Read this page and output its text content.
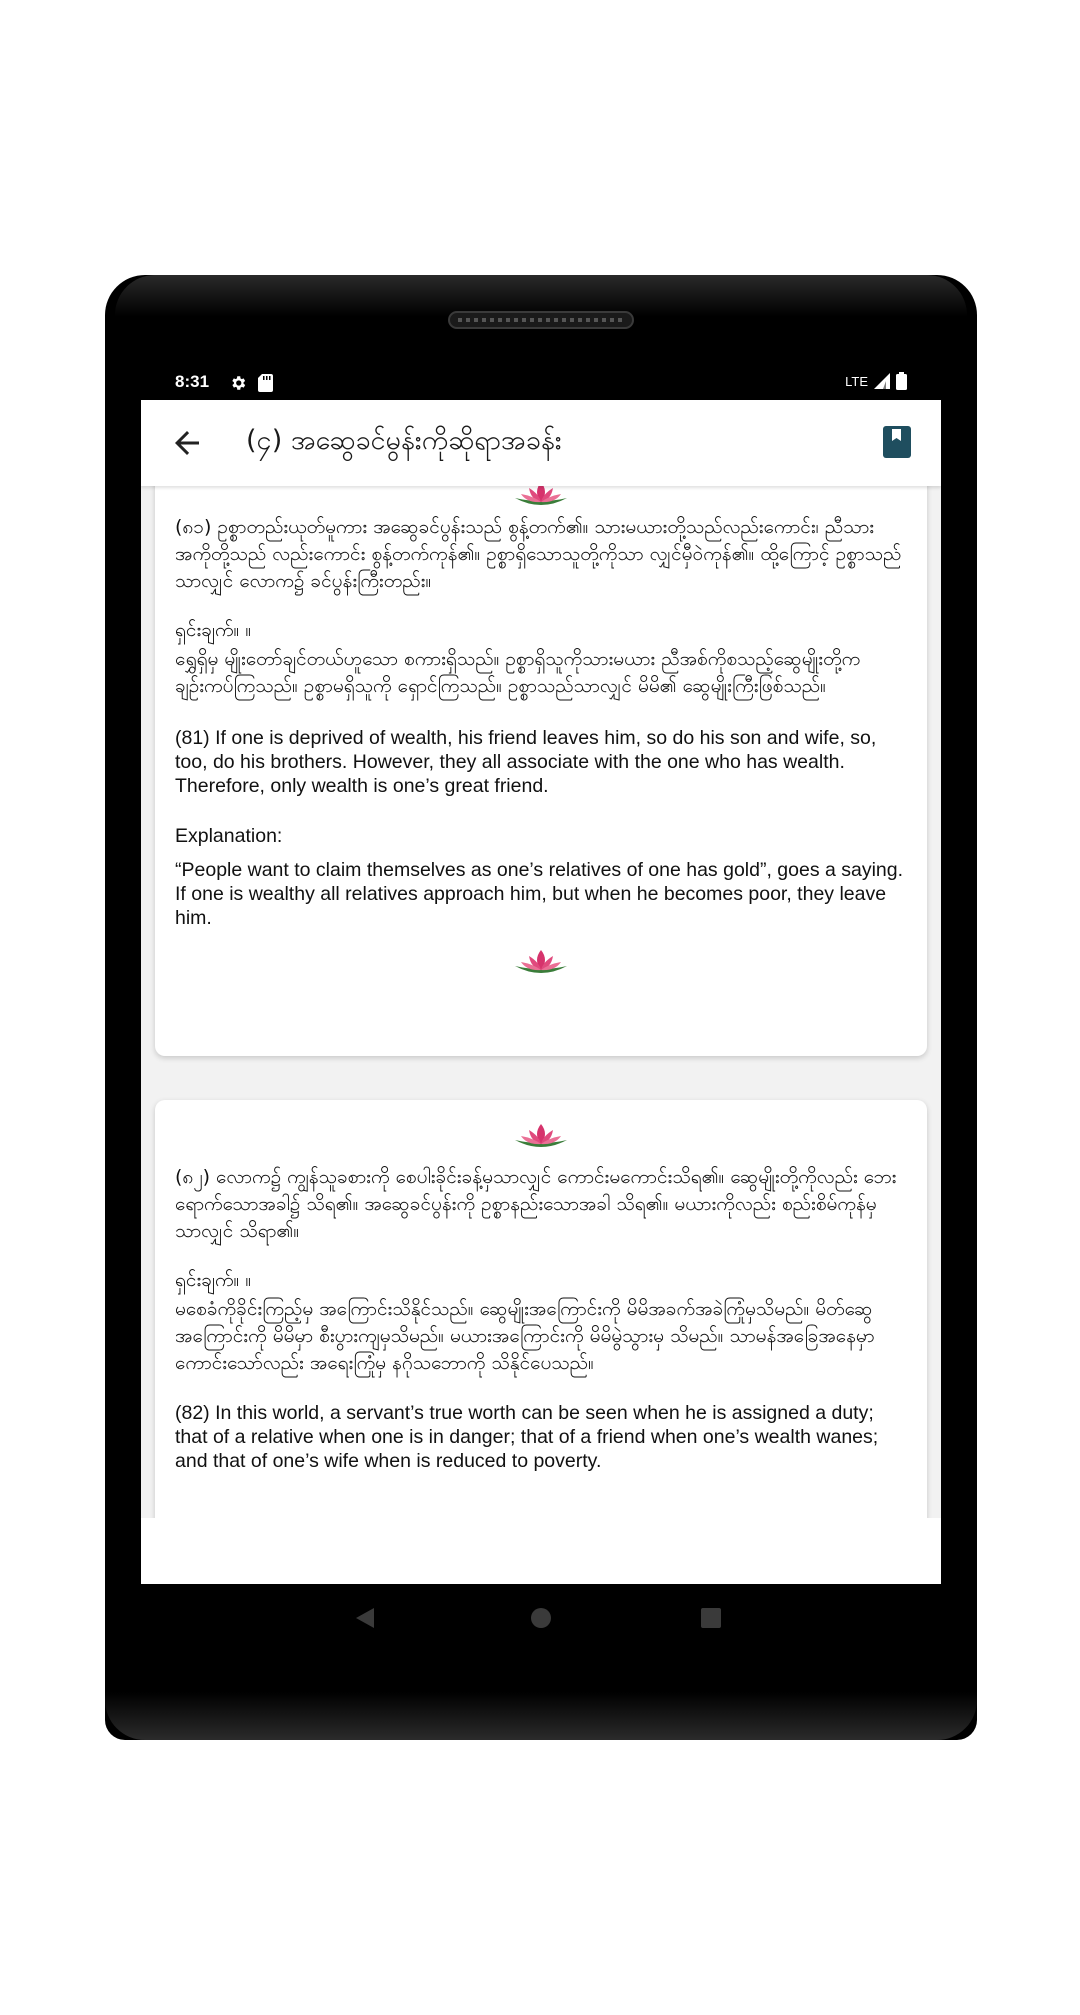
8:31	LTE
(၄) အဆွေခင်မွန်းကိုဆိုရာအခန်း

(၈၁) ဥစ္စာတည်းယုတ်မူကား အဆွေခင်ပွန်းသည် စွန့်တက်၏။ သားမယားတို့သည်လည်းကောင်း၊ ညီသားအကိုတို့သည် လည်းကောင်း စွန့်တက်ကုန်၏။ ဥစ္စာရှိသောသူတို့ကိုသာ လျှင်မှီဝဲကုန်၏။ ထို့ကြောင့် ဥစ္စာသည်သာလျှင် လောက၌ ခင်ပွန်းကြီးတည်း။

ရှင်းချက်။ ။

ရွှေရှိမှ မျိုးတော်ချင်တယ်ဟူသော စကားရှိသည်။ ဥစ္စာရှိသူကိုသားမယား ညီအစ်ကိုစသည့်ဆွေမျိုးတို့က ချဉ်းကပ်ကြသည်။ ဥစ္စာမရှိသူကို ရှောင်ကြသည်။ ဥစ္စာသည်သာလျှင် မိမိ၏ ဆွေမျိုးကြီးဖြစ်သည်။

(81) If one is deprived of wealth, his friend leaves him, so do his son and wife, so, too, do his brothers. However, they all associate with the one who has wealth. Therefore, only wealth is one’s great friend.

Explanation:

“People want to claim themselves as one’s relatives of one has gold”, goes a saying. If one is wealthy all relatives approach him, but when he becomes poor, they leave him.

(၈၂) လောက၌ ကျွန်သူခစားကို စေပါးခိုင်းခန့်မှသာလျှင် ကောင်းမကောင်းသိရ၏။ ဆွေမျိုးတို့ကိုလည်း ဘေးရောက်သောအခါ၌ သိရ၏။ အဆွေခင်ပွန်းကို ဥစ္စာနည်းသောအခါ သိရ၏။ မယားကိုလည်း စည်းစိမ်ကုန်မှသာလျှင် သိရာ၏။

ရှင်းချက်။ ။

မစေခံကိုခိုင်းကြည့်မှ အကြောင်းသိနိုင်သည်။ ဆွေမျိုးအကြောင်းကို မိမိအခက်အခဲကြုံမှသိမည်။ မိတ်ဆွေအကြောင်းကို မိမိမှာ စီးပွားကျမှသိမည်။ မယားအကြောင်းကို မိမိမွဲသွားမှ သိမည်။ သာမန်အခြေအနေမှာ ကောင်းသော်လည်း အရေးကြုံမှ နဂိုသဘောကို သိနိုင်ပေသည်။

(82) In this world, a servant’s true worth can be seen when he is assigned a duty; that of a relative when one is in danger; that of a friend when one’s wealth wanes; and that of one’s wife when is reduced to poverty.
